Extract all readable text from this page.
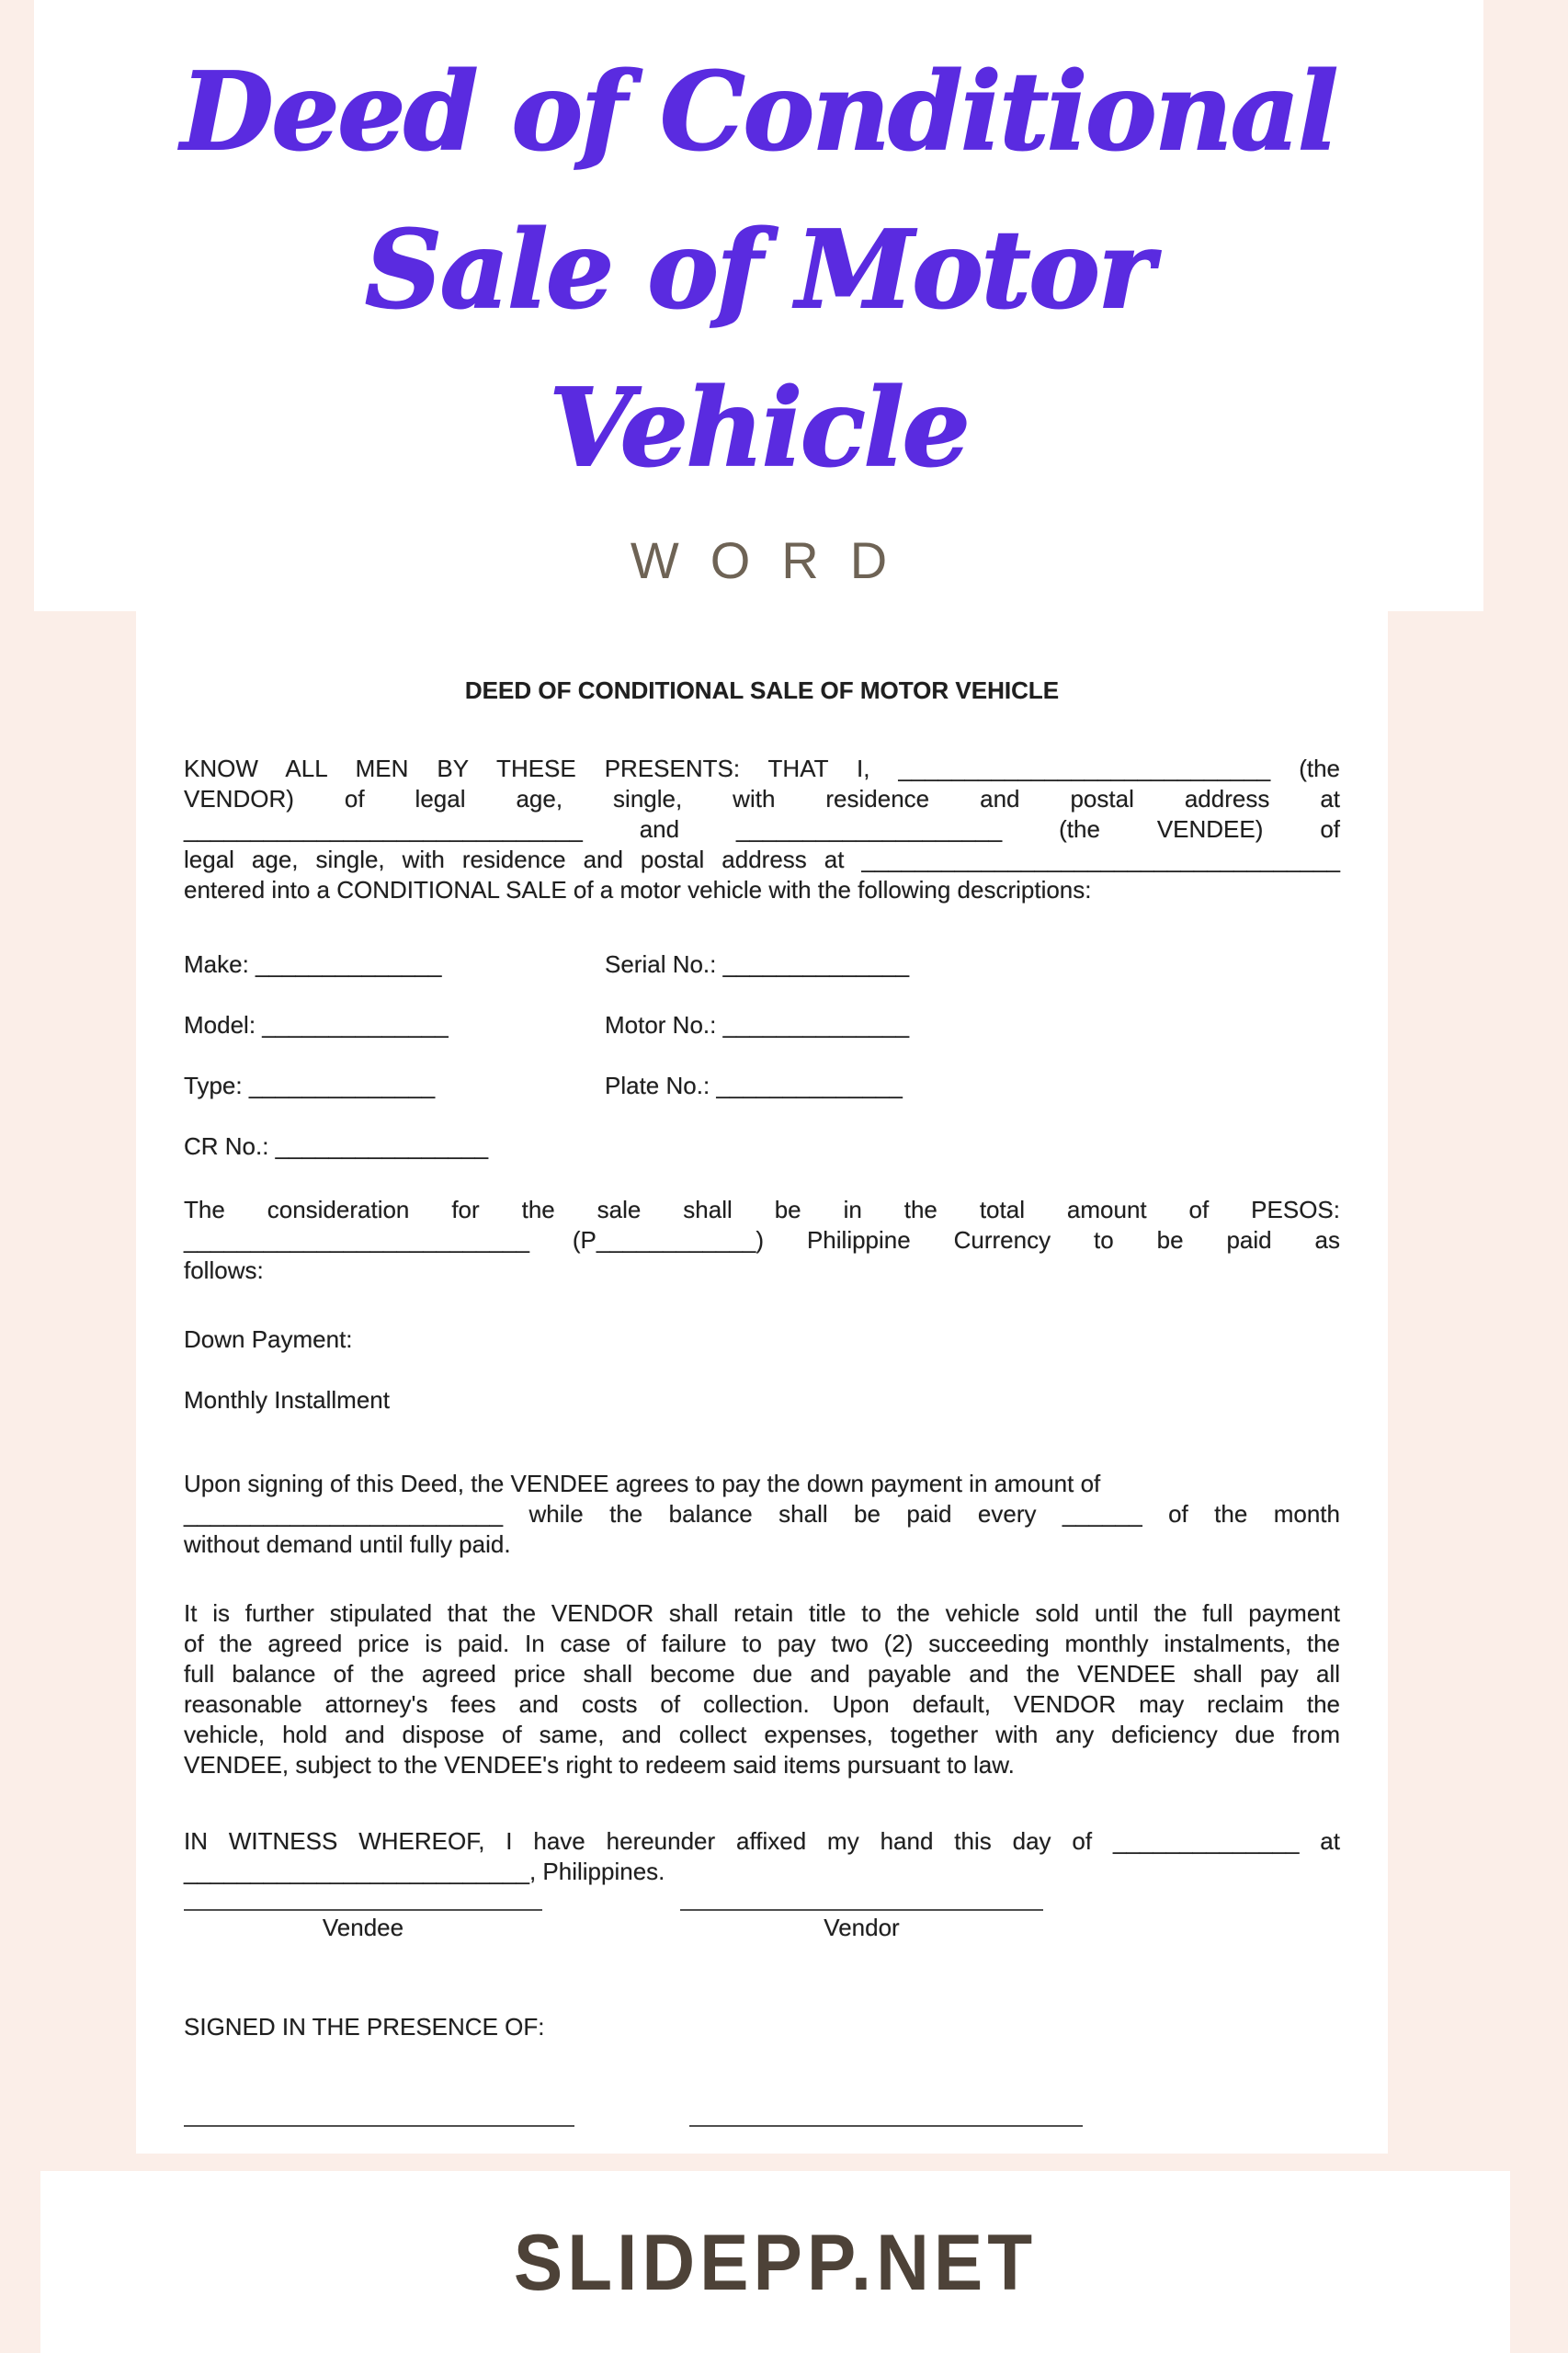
Deed of Conditional
Sale of Motor
Vehicle
WORD
DEED OF CONDITIONAL SALE OF MOTOR VEHICLE
KNOW ALL MEN BY THESE PRESENTS: THAT I, ____________________________ (the
VENDOR) of legal age, single, with residence and postal address at
______________________________ and ____________________ (the VENDEE) of
legal age, single, with residence and postal address at ____________________________________
entered into a CONDITIONAL SALE of a motor vehicle with the following descriptions:
Make: ______________	Serial No.: ______________
Model: ______________	Motor No.: ______________
Type: ______________	Plate No.: ______________
CR No.: ________________
The consideration for the sale shall be in the total amount of PESOS:
__________________________ (P____________) Philippine Currency to be paid as
follows:
Down Payment:
Monthly Installment
Upon signing of this Deed, the VENDEE agrees to pay the down payment in amount of
________________________ while the balance shall be paid every ______ of the month
without demand until fully paid.
It is further stipulated that the VENDOR shall retain title to the vehicle sold until the full payment
of the agreed price is paid. In case of failure to pay two (2) succeeding monthly instalments, the
full balance of the agreed price shall become due and payable and the VENDEE shall pay all
reasonable attorney's fees and costs of collection. Upon default, VENDOR may reclaim the
vehicle, hold and dispose of same, and collect expenses, together with any deficiency due from
VENDEE, subject to the VENDEE's right to redeem said items pursuant to law.
IN WITNESS WHEREOF, I have hereunder affixed my hand this day of ______________ at
__________________________, Philippines.
Vendee	Vendor
SIGNED IN THE PRESENCE OF:
SLIDEPP.NET
